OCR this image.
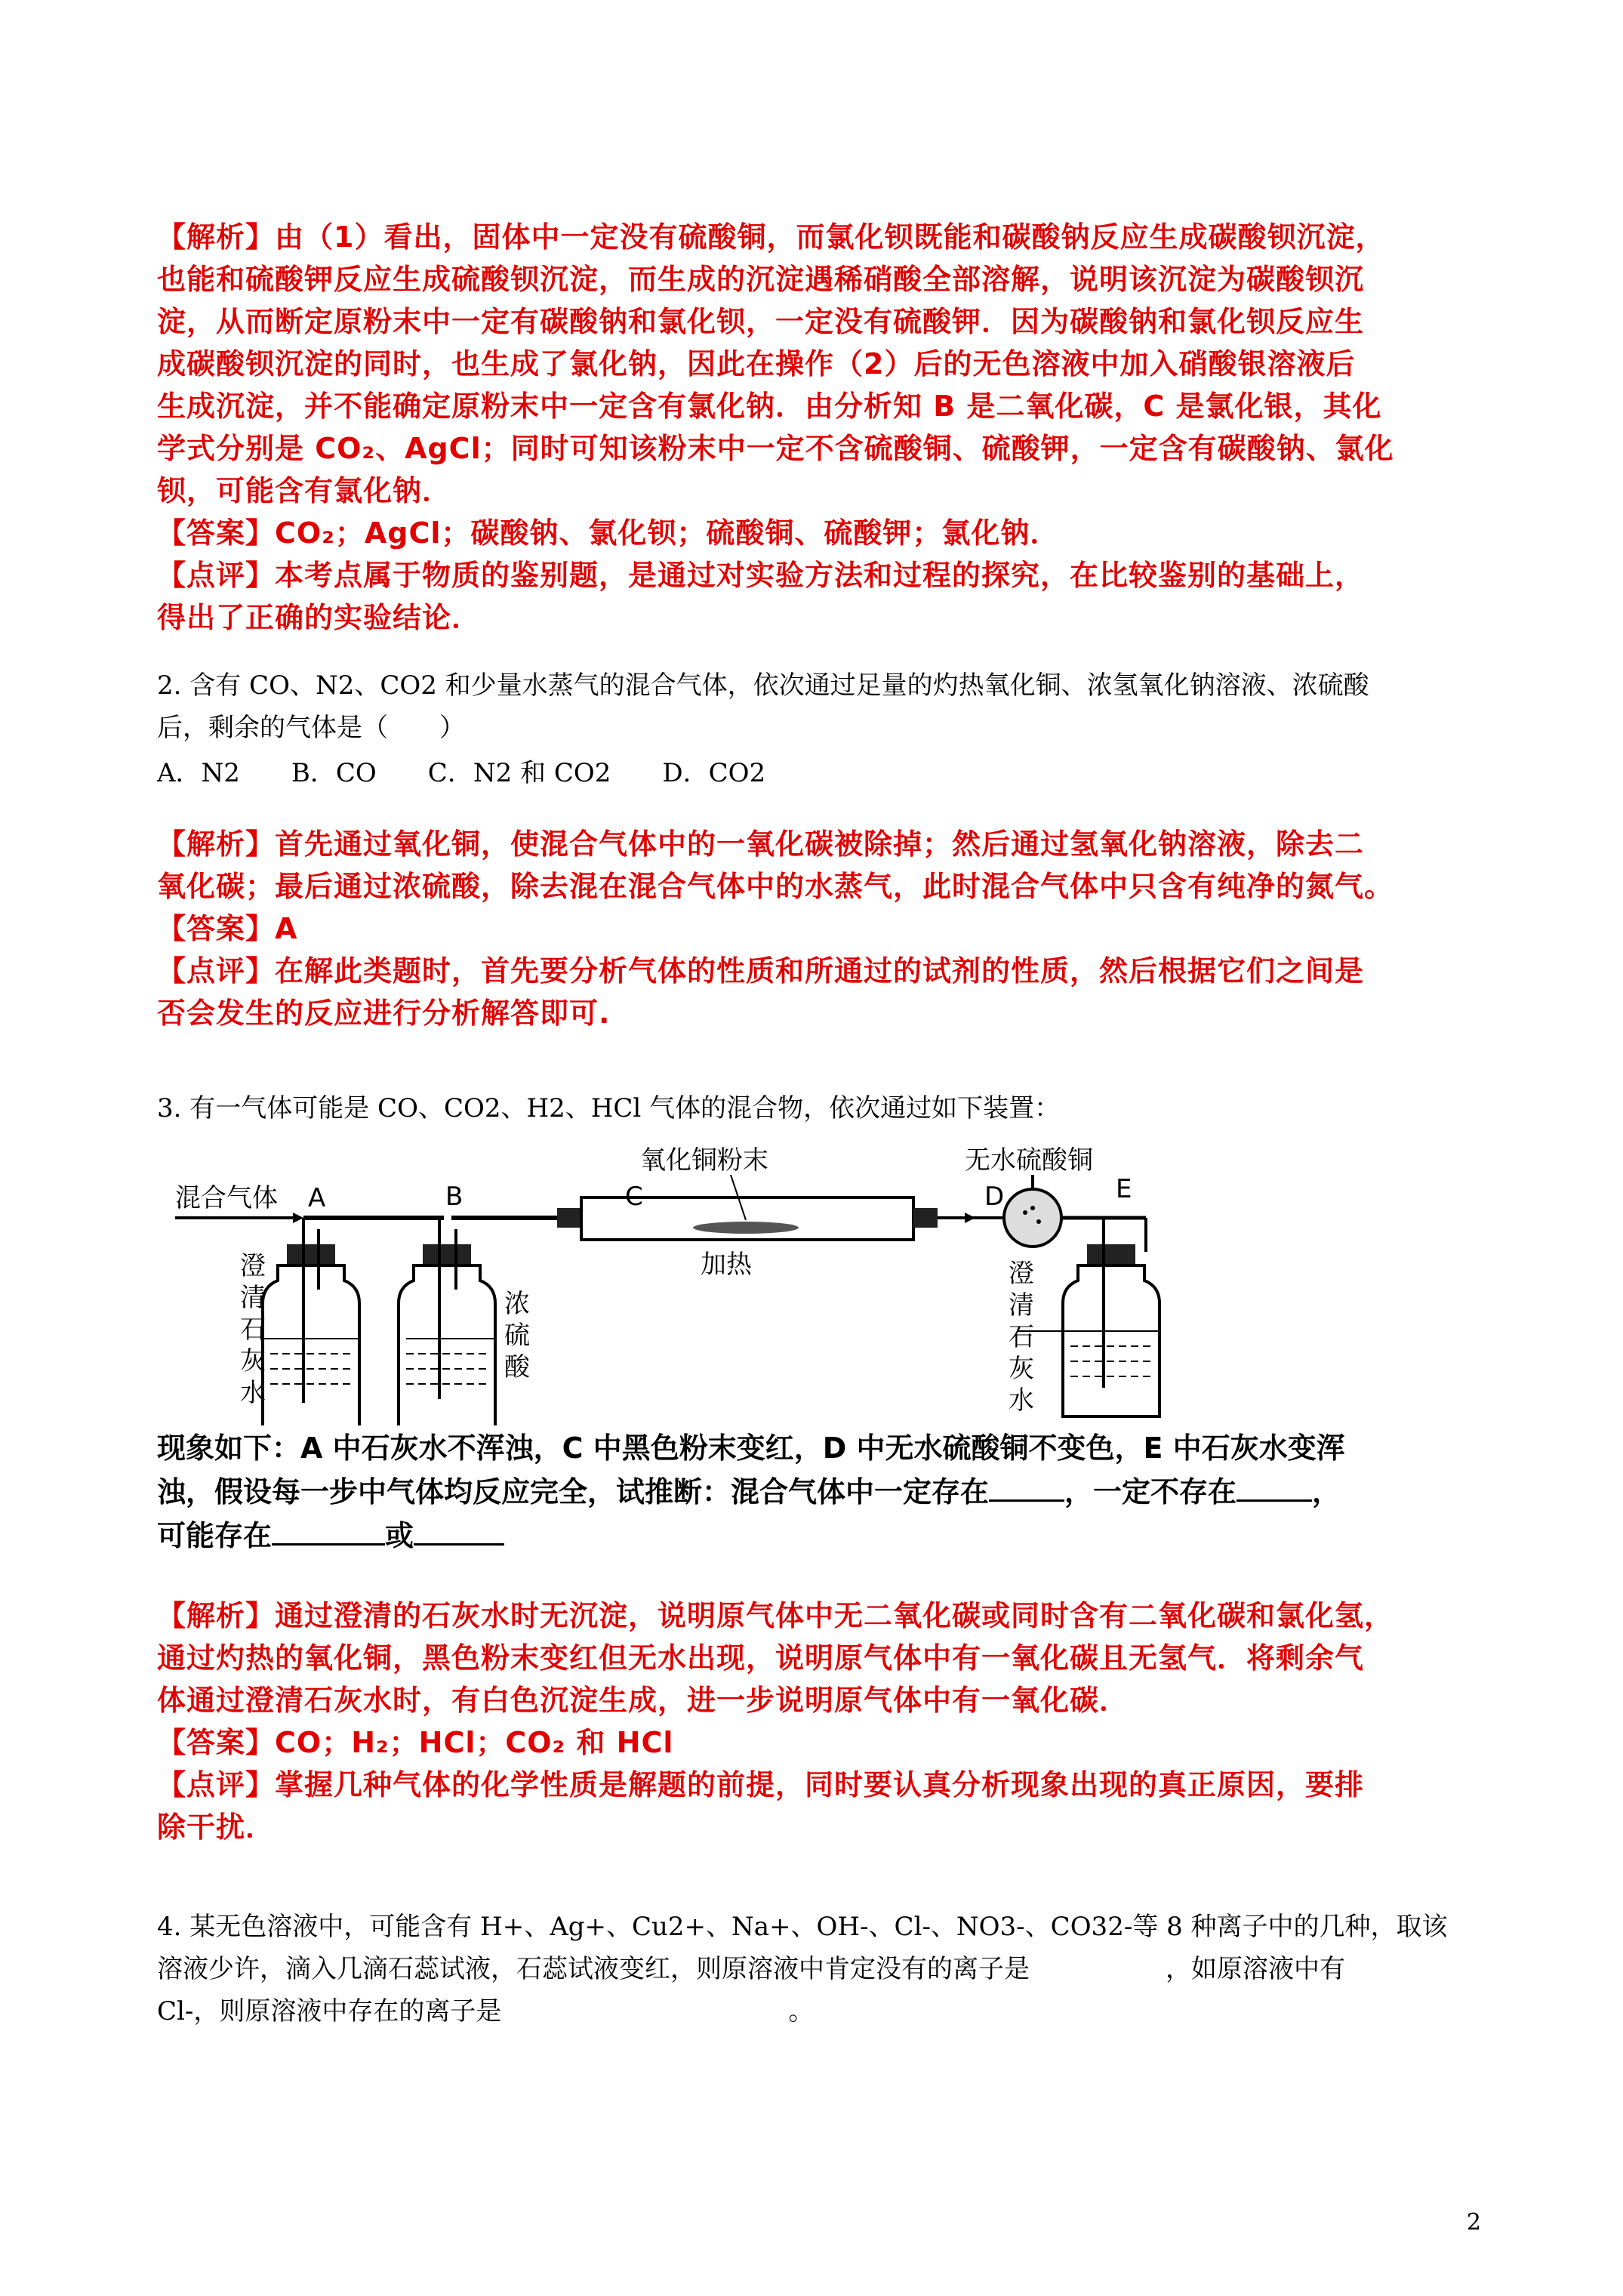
【解析】由（1）看出，固体中一定没有硫酸铜，而氯化钡既能和碳酸钠反应生成碳酸钡沉淀，

也能和硫酸钾反应生成硫酸钡沉淀，而生成的沉淀遇稀硝酸全部溶解，说明该沉淀为碳酸钡沉

淀，从而断定原粉末中一定有碳酸钠和氯化钡，一定没有硫酸钾．因为碳酸钠和氯化钡反应生

成碳酸钡沉淀的同时，也生成了氯化钠，因此在操作（2）后的无色溶液中加入硝酸银溶液后

生成沉淀，并不能确定原粉末中一定含有氯化钠．由分析知 B 是二氧化碳，C 是氯化银，其化

学式分别是 CO₂、AgCl；同时可知该粉末中一定不含硫酸铜、硫酸钾，一定含有碳酸钠、氯化

钡，可能含有氯化钠．

【答案】CO₂；AgCl；碳酸钠、氯化钡；硫酸铜、硫酸钾；氯化钠．

【点评】本考点属于物质的鉴别题，是通过对实验方法和过程的探究，在比较鉴别的基础上，

得出了正确的实验结论．

2. 含有 CO、N2、CO2 和少量水蒸气的混合气体，依次通过足量的灼热氧化铜、浓氢氧化钠溶液、浓硫酸

后，剩余的气体是（　　）

A．N2　　B．CO　　C．N2 和 CO2　　D．CO2

【解析】首先通过氧化铜，使混合气体中的一氧化碳被除掉；然后通过氢氧化钠溶液，除去二

氧化碳；最后通过浓硫酸，除去混在混合气体中的水蒸气，此时混合气体中只含有纯净的氮气。

【答案】A

【点评】在解此类题时，首先要分析气体的性质和所通过的试剂的性质，然后根据它们之间是

否会发生的反应进行分析解答即可.

3. 有一气体可能是 CO、CO2、H2、HCl 气体的混合物，依次通过如下装置：

混合气体 A	B
澄
清
石
灰
水
浓
硫
酸
氧化铜粉末
C
加热
无水硫酸铜
D	E
澄
清
石
灰
水

现象如下：A 中石灰水不浑浊，C 中黑色粉末变红，D 中无水硫酸铜不变色，E 中石灰水变浑

浊，假设每一步中气体均反应完全，试推断：混合气体中一定存在	，一定不存在	，

可能存在	或

【解析】通过澄清的石灰水时无沉淀，说明原气体中无二氧化碳或同时含有二氧化碳和氯化氢，

通过灼热的氧化铜，黑色粉末变红但无水出现，说明原气体中有一氧化碳且无氢气．将剩余气

体通过澄清石灰水时，有白色沉淀生成，进一步说明原气体中有一氧化碳．

【答案】CO；H₂；HCl；CO₂ 和 HCl

【点评】掌握几种气体的化学性质是解题的前提，同时要认真分析现象出现的真正原因，要排

除干扰．

4. 某无色溶液中，可能含有 H+、Ag+、Cu2+、Na+、OH-、Cl-、NO3-、CO32-等 8 种离子中的几种，取该

溶液少许，滴入几滴石蕊试液，石蕊试液变红，则原溶液中肯定没有的离子是	，如原溶液中有

Cl-，则原溶液中存在的离子是	。

2
